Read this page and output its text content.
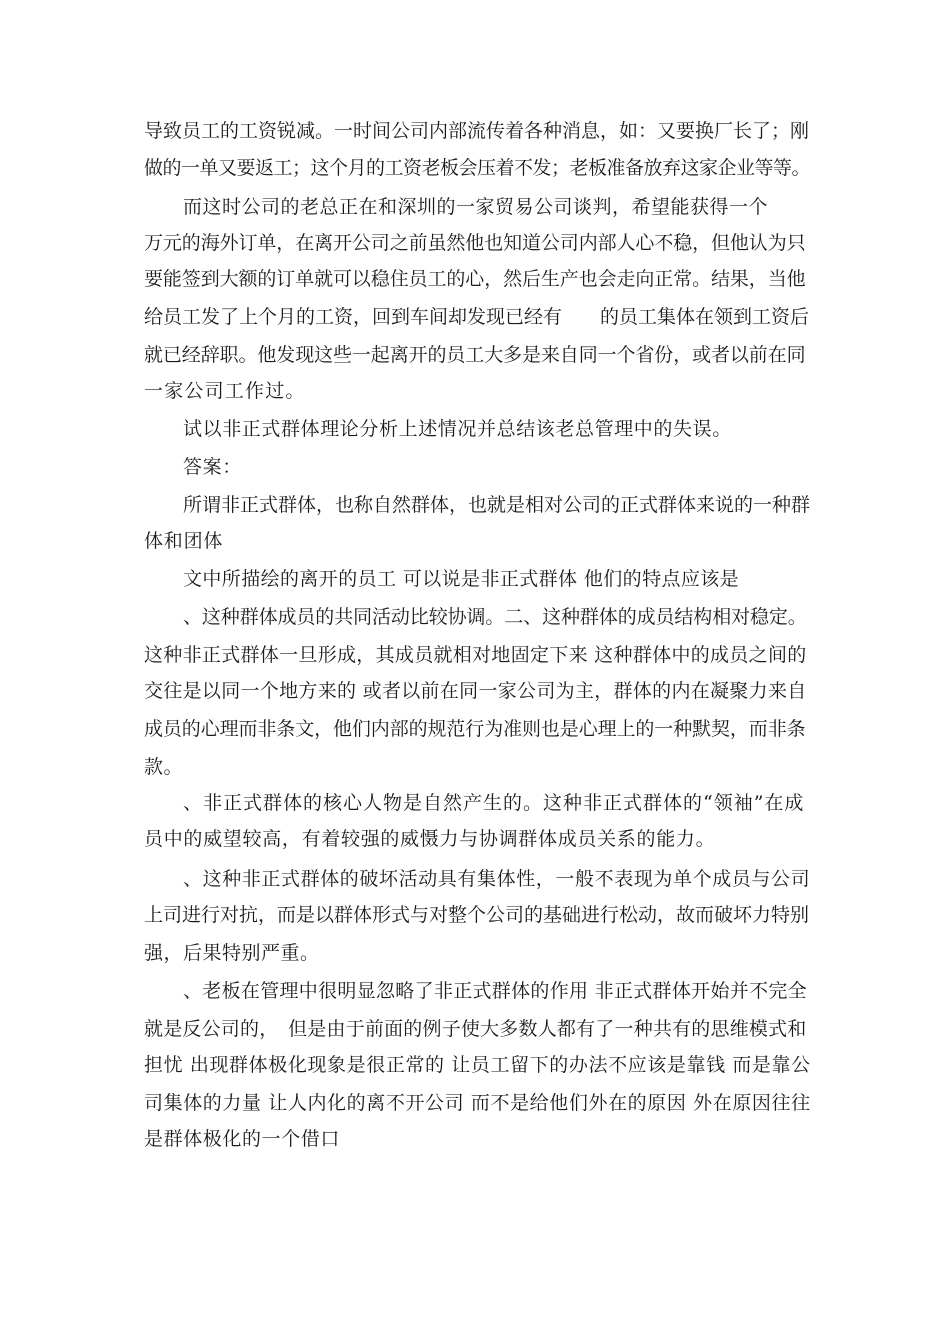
导致员工的工资锐减。一时间公司内部流传着各种消息，如：又要换厂长了；刚
做的一单又要返工；这个月的工资老板会压着不发；老板准备放弃这家企业等等。
而这时公司的老总正在和深圳的一家贸易公司谈判，希望能获得一个
万元的海外订单，在离开公司之前虽然他也知道公司内部人心不稳，但他认为只
要能签到大额的订单就可以稳住员工的心，然后生产也会走向正常。结果，当他
给员工发了上个月的工资，回到车间却发现已经有　　的员工集体在领到工资后
就已经辞职。他发现这些一起离开的员工大多是来自同一个省份，或者以前在同
一家公司工作过。
试以非正式群体理论分析上述情况并总结该老总管理中的失误。
答案：
所谓非正式群体，也称自然群体，也就是相对公司的正式群体来说的一种群
体和团体
文中所描绘的离开的员工 可以说是非正式群体 他们的特点应该是
、这种群体成员的共同活动比较协调。二、这种群体的成员结构相对稳定。
这种非正式群体一旦形成，其成员就相对地固定下来 这种群体中的成员之间的
交往是以同一个地方来的 或者以前在同一家公司为主，群体的内在凝聚力来自
成员的心理而非条文，他们内部的规范行为准则也是心理上的一种默契，而非条
款。
、非正式群体的核心人物是自然产生的。这种非正式群体的“领袖”在成
员中的威望较高，有着较强的威慑力与协调群体成员关系的能力。
、这种非正式群体的破坏活动具有集体性，一般不表现为单个成员与公司
上司进行对抗，而是以群体形式与对整个公司的基础进行松动，故而破坏力特别
强，后果特别严重。
、老板在管理中很明显忽略了非正式群体的作用 非正式群体开始并不完全
就是反公司的，　但是由于前面的例子使大多数人都有了一种共有的思维模式和
担忧 出现群体极化现象是很正常的 让员工留下的办法不应该是靠钱 而是靠公
司集体的力量 让人内化的离不开公司 而不是给他们外在的原因 外在原因往往
是群体极化的一个借口
